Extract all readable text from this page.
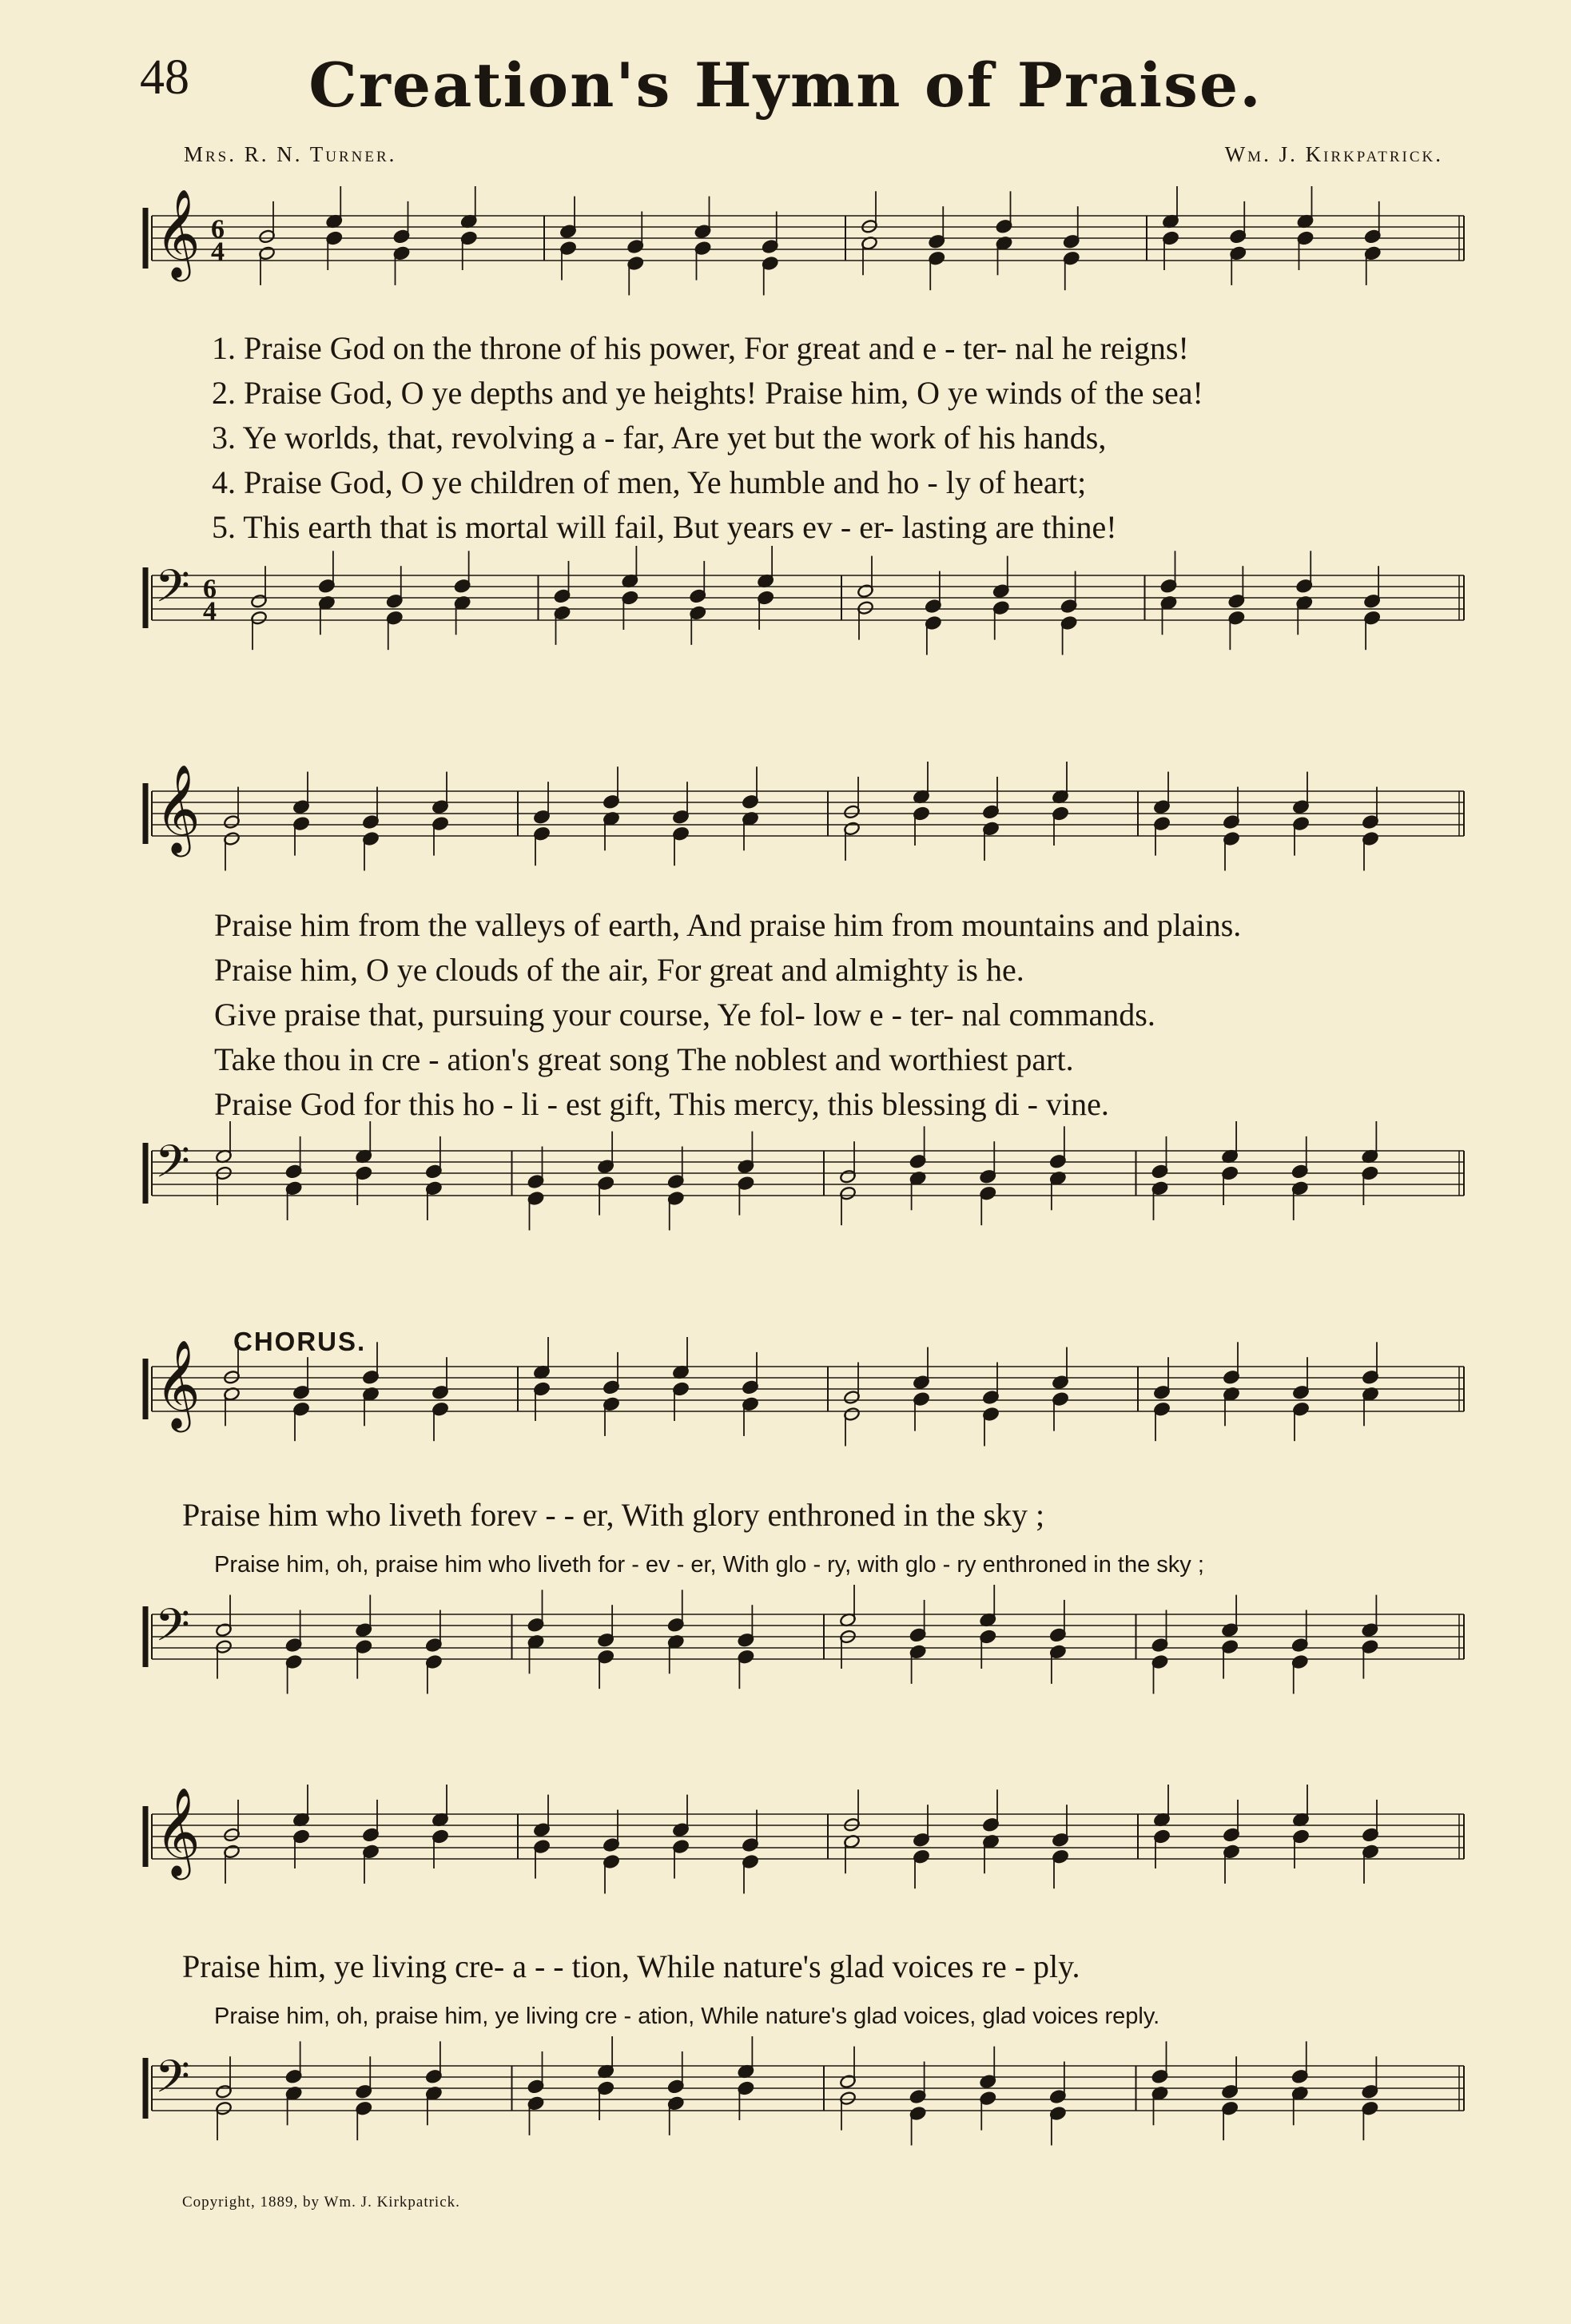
48	Creation's Hymn of Praise.
Mrs. R. N. Turner.	Wm. J. Kirkpatrick.
𝄞 6
4
1. Praise God on the throne of his power, For great and e - ter- nal he reigns!
2. Praise God, O ye depths and ye heights! Praise him, O ye winds of the sea!
3. Ye worlds, that, revolving a - far, Are yet but the work of his hands,
4. Praise God, O ye children of men, Ye humble and ho - ly of heart;
5. This earth that is mortal will fail, But years ev - er- lasting are thine!
𝄢 6
4
𝄞
Praise him from the valleys of earth, And praise him from mountains and plains.
Praise him, O ye clouds of the air, For great and almighty is he.
Give praise that, pursuing your course, Ye fol- low e - ter- nal commands.
Take thou in cre - ation's great song The noblest and worthiest part.
Praise God for this ho - li - est gift, This mercy, this blessing di - vine.
𝄢
CHORUS.
𝄞
Praise him who liveth forev - - er, With glory enthroned in the sky ;
Praise him, oh, praise him who liveth for - ev - er, With glo - ry, with glo - ry enthroned in the sky ;
𝄢
𝄞
Praise him, ye living cre- a - - tion, While nature's glad voices re - ply.
Praise him, oh, praise him, ye living cre - ation, While nature's glad voices, glad voices reply.
𝄢
Copyright, 1889, by Wm. J. Kirkpatrick.
